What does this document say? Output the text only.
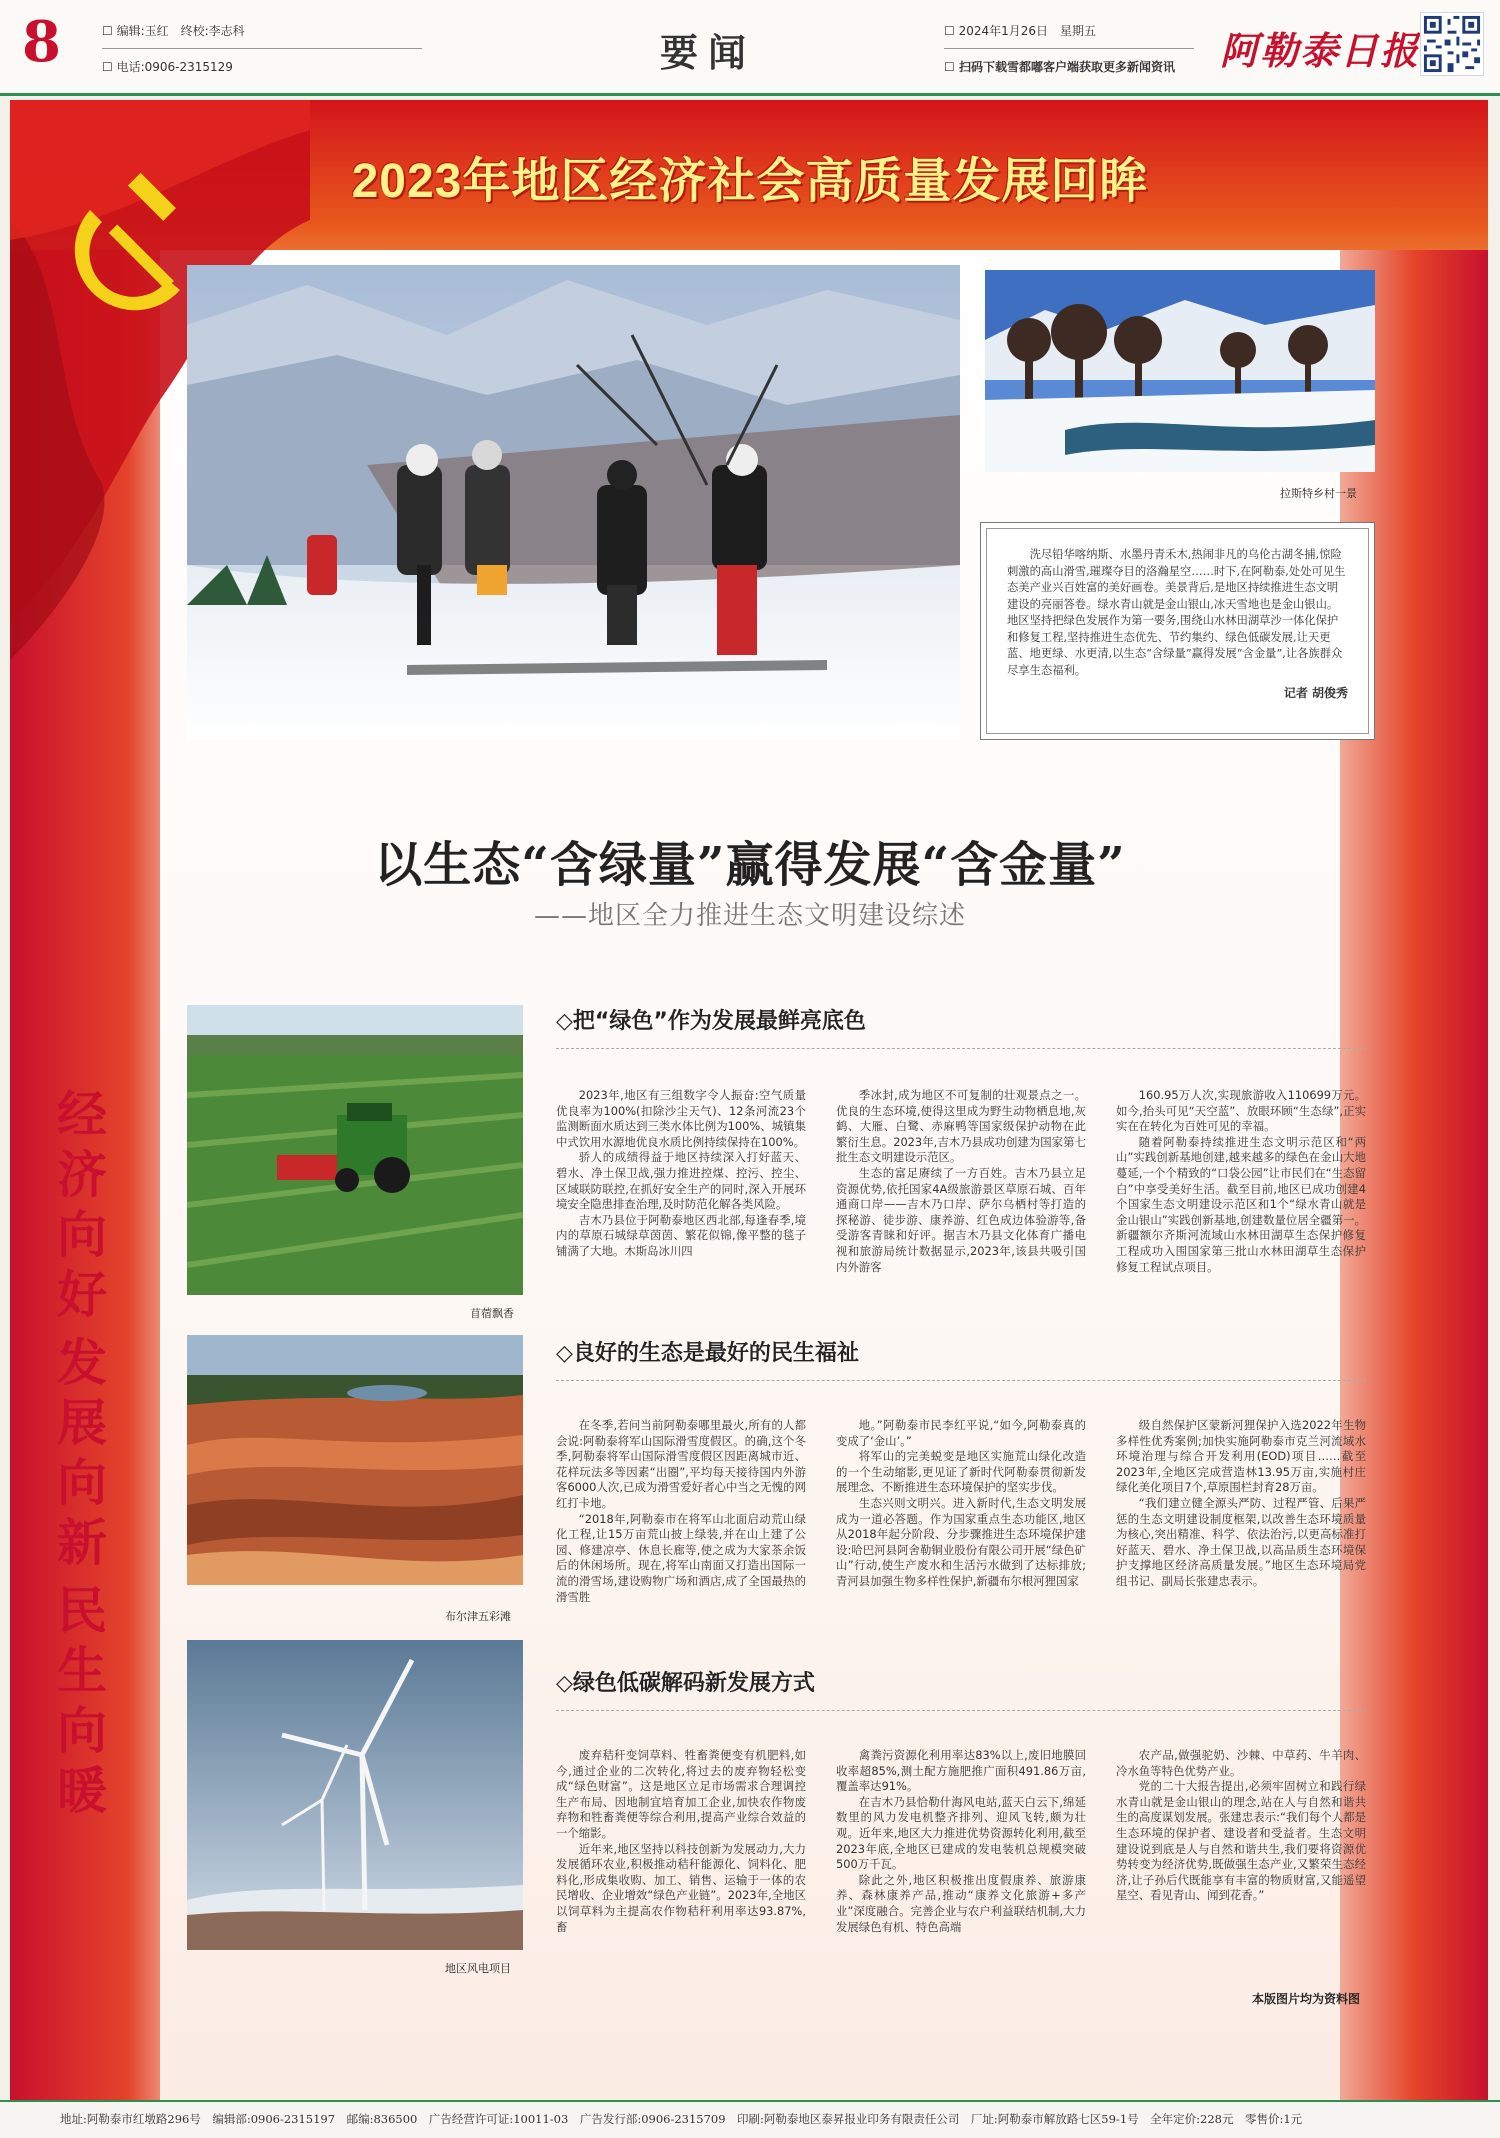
8	☐ 编辑:玉红　终校:李志科
☐ 电话:0906-2315129	要闻	☐ 2024年1月26日　星期五
☐ 扫码下载雪都嘟客户端获取更多新闻资讯 阿勒泰日报
2023年地区经济社会高质量发展回眸
经
济
向
好
发
展
向
新
民
生
向
暖
乐享滑雪
拉斯特乡村一景

洗尽铅华喀纳斯、水墨丹青禾木,热闹非凡的乌伦古湖冬捕,惊险刺激的高山滑雪,璀璨夺目的洛瀚星空……时下,在阿勒泰,处处可见生态美产业兴百姓富的美好画卷。美景背后,是地区持续推进生态文明建设的亮丽答卷。绿水青山就是金山银山,冰天雪地也是金山银山。地区坚持把绿色发展作为第一要务,围绕山水林田湖草沙一体化保护和修复工程,坚持推进生态优先、节约集约、绿色低碳发展,让天更蓝、地更绿、水更清,以生态“含绿量”赢得发展“含金量”,让各族群众尽享生态福利。

记者 胡俊秀
以生态“含绿量”赢得发展“含金量”
——地区全力推进生态文明建设综述
苜蓿飘香
◇把“绿色”作为发展最鲜亮底色

2023年,地区有三组数字令人振奋:空气质量优良率为100%(扣除沙尘天气)、12条河流23个监测断面水质达到三类水体比例为100%、城镇集中式饮用水源地优良水质比例持续保持在100%。

骄人的成绩得益于地区持续深入打好蓝天、碧水、净土保卫战,强力推进控煤、控污、控尘、区域联防联控,在抓好安全生产的同时,深入开展环境安全隐患排查治理,及时防范化解各类风险。

吉木乃县位于阿勒泰地区西北部,每逢春季,境内的草原石城绿草茵茵、繁花似锦,像平整的毯子铺满了大地。木斯岛冰川四

季冰封,成为地区不可复制的壮观景点之一。优良的生态环境,使得这里成为野生动物栖息地,灰鹤、大雁、白鹭、赤麻鸭等国家级保护动物在此繁衍生息。2023年,吉木乃县成功创建为国家第七批生态文明建设示范区。

生态的富足赓续了一方百姓。吉木乃县立足资源优势,依托国家4A级旅游景区草原石城、百年通商口岸——吉木乃口岸、萨尔乌栖村等打造的探秘游、徒步游、康养游、红色成边体验游等,备受游客青睐和好评。据吉木乃县文化体育广播电视和旅游局统计数据显示,2023年,该县共吸引国内外游客

160.95万人次,实现旅游收入110699万元。如今,抬头可见“天空蓝”、放眼环顾“生态绿”,正实实在在转化为百姓可见的幸福。

随着阿勒泰持续推进生态文明示范区和“两山”实践创新基地创建,越来越多的绿色在金山大地蔓延,一个个精致的“口袋公园”让市民们在“生态留白”中享受美好生活。截至目前,地区已成功创建4个国家生态文明建设示范区和1个“绿水青山就是金山银山”实践创新基地,创建数量位居全疆第一。新疆额尔齐斯河流域山水林田湖草生态保护修复工程成功入围国家第三批山水林田湖草生态保护修复工程试点项目。

布尔津五彩滩
◇良好的生态是最好的民生福祉

在冬季,若问当前阿勒泰哪里最火,所有的人都会说:阿勒泰将军山国际滑雪度假区。的确,这个冬季,阿勒泰将军山国际滑雪度假区因距离城市近、花样玩法多等因素“出圈”,平均每天接待国内外游客6000人次,已成为滑雪爱好者心中当之无愧的网红打卡地。

“2018年,阿勒泰市在将军山北面启动荒山绿化工程,让15万亩荒山披上绿装,并在山上建了公园、修建凉亭、休息长廊等,使之成为大家茶余饭后的休闲场所。现在,将军山南面又打造出国际一流的滑雪场,建设购物广场和酒店,成了全国最热的滑雪胜

地。”阿勒泰市民李红平说,“如今,阿勒泰真的变成了‘金山’。”

将军山的完美蜕变是地区实施荒山绿化改造的一个生动缩影,更见证了新时代阿勒泰贯彻新发展理念、不断推进生态环境保护的坚实步伐。

生态兴则文明兴。进入新时代,生态文明发展成为一道必答题。作为国家重点生态功能区,地区从2018年起分阶段、分步骤推进生态环境保护建设:哈巴河县阿舍勒铜业股份有限公司开展“绿色矿山”行动,使生产废水和生活污水做到了达标排放;青河县加强生物多样性保护,新疆布尔根河狸国家

级自然保护区蒙新河狸保护入选2022年生物多样性优秀案例;加快实施阿勒泰市克兰河流域水环境治理与综合开发利用(EOD)项目……截至2023年,全地区完成营造林13.95万亩,实施村庄绿化美化项目7个,草原围栏封育28万亩。

“我们建立健全源头严防、过程严管、后果严惩的生态文明建设制度框架,以改善生态环境质量为核心,突出精准、科学、依法治污,以更高标准打好蓝天、碧水、净土保卫战,以高品质生态环境保护支撑地区经济高质量发展。”地区生态环境局党组书记、副局长张建忠表示。

地区风电项目
◇绿色低碳解码新发展方式

废弃秸秆变饲草料、牲畜粪便变有机肥料,如今,通过企业的二次转化,将过去的废弃物轻松变成“绿色财富”。这是地区立足市场需求合理调控生产布局、因地制宜培育加工企业,加快农作物废弃物和牲畜粪便等综合利用,提高产业综合效益的一个缩影。

近年来,地区坚持以科技创新为发展动力,大力发展循环农业,积极推动秸秆能源化、饲料化、肥料化,形成集收购、加工、销售、运输于一体的农民增收、企业增效“绿色产业链”。2023年,全地区以饲草料为主提高农作物秸秆利用率达93.87%,畜

禽粪污资源化利用率达83%以上,废旧地膜回收率超85%,测土配方施肥推广面积491.86万亩,覆盖率达91%。

在吉木乃县恰勒什海风电站,蓝天白云下,绵延数里的风力发电机整齐排列、迎风飞转,颇为壮观。近年来,地区大力推进优势资源转化利用,截至2023年底,全地区已建成的发电装机总规模突破500万千瓦。

除此之外,地区积极推出度假康养、旅游康养、森林康养产品,推动“康养文化旅游+多产业”深度融合。完善企业与农户利益联结机制,大力发展绿色有机、特色高端

农产品,做强驼奶、沙棘、中草药、牛羊肉、冷水鱼等特色优势产业。

党的二十大报告提出,必须牢固树立和践行绿水青山就是金山银山的理念,站在人与自然和谐共生的高度谋划发展。张建忠表示:“我们每个人都是生态环境的保护者、建设者和受益者。生态文明建设说到底是人与自然和谐共生,我们要将资源优势转变为经济优势,既做强生态产业,又繁荣生态经济,让子孙后代既能享有丰富的物质财富,又能遥望星空、看见青山、闻到花香。”

本版图片均为资料图
地址:阿勒泰市红墩路296号　编辑部:0906-2315197　邮编:836500　广告经营许可证:10011-03　广告发行部:0906-2315709　印刷:阿勒泰地区泰昇报业印务有限责任公司　厂址:阿勒泰市解放路七区59-1号　全年定价:228元　零售价:1元
